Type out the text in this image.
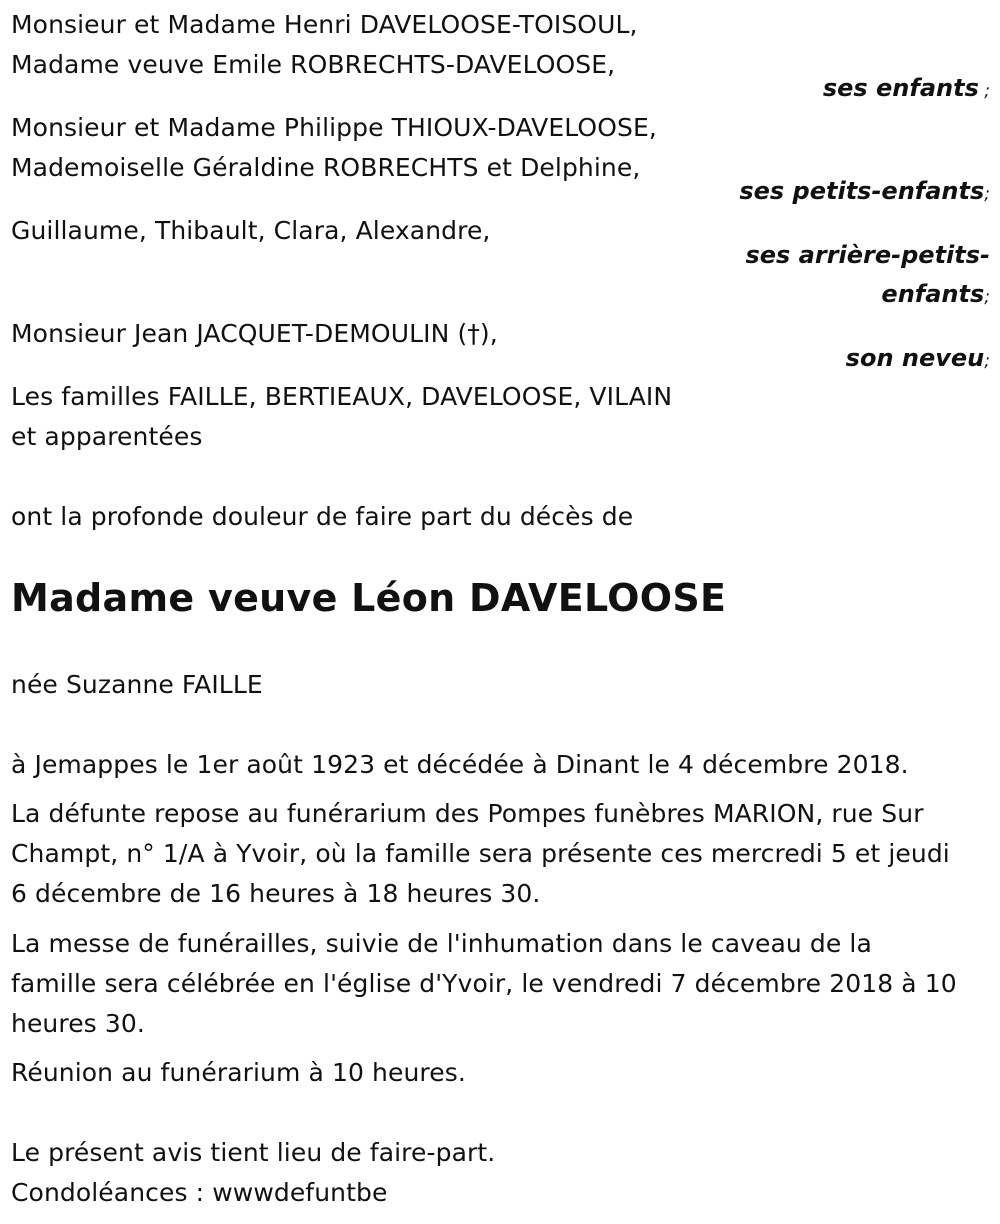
Monsieur et Madame Henri DAVELOOSE-TOISOUL,
Madame veuve Emile ROBRECHTS-DAVELOOSE,
ses enfants ;
Monsieur et Madame Philippe THIOUX-DAVELOOSE,
Mademoiselle Géraldine ROBRECHTS et Delphine,
ses petits-enfants;
Guillaume, Thibault, Clara, Alexandre,
ses arrière-petits-
enfants;
Monsieur Jean JACQUET-DEMOULIN (†),
son neveu;
Les familles FAILLE, BERTIEAUX, DAVELOOSE, VILAIN
et apparentées
ont la profonde douleur de faire part du décès de
Madame veuve Léon DAVELOOSE
née Suzanne FAILLE
à Jemappes le 1er août 1923 et décédée à Dinant le 4 décembre 2018.
La défunte repose au funérarium des Pompes funèbres MARION, rue Sur
Champt, n° 1/A à Yvoir, où la famille sera présente ces mercredi 5 et jeudi
6 décembre de 16 heures à 18 heures 30.
La messe de funérailles, suivie de l'inhumation dans le caveau de la
famille sera célébrée en l'église d'Yvoir, le vendredi 7 décembre 2018 à 10
heures 30.
Réunion au funérarium à 10 heures.
Le présent avis tient lieu de faire-part.
Condoléances : wwwdefuntbe
